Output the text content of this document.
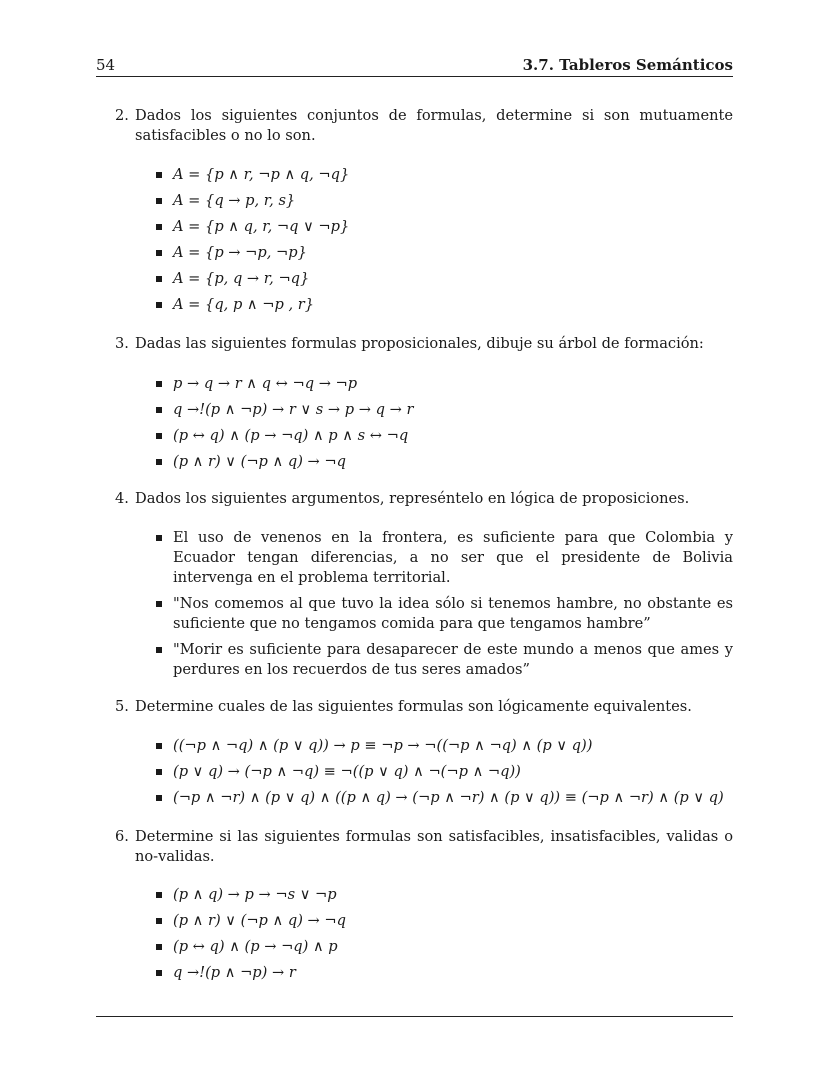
54	3.7. Tableros Semánticos
2. Dados los siguientes conjuntos de formulas, determine si son mutuamente satisfacibles o no lo son.
A = {p ∧ r, ¬p ∧ q, ¬q}
A = {q → p, r, s}
A = {p ∧ q, r, ¬q ∨ ¬p}
A = {p → ¬p, ¬p}
A = {p, q → r, ¬q}
A = {q, p ∧ ¬p , r}
3. Dadas las siguientes formulas proposicionales, dibuje su árbol de formación:
p → q → r ∧ q ↔ ¬q → ¬p
q →!(p ∧ ¬p) → r ∨ s → p → q → r
(p ↔ q) ∧ (p → ¬q) ∧ p ∧ s ↔ ¬q
(p ∧ r) ∨ (¬p ∧ q) → ¬q
4. Dados los siguientes argumentos, represéntelo en lógica de proposiciones.
El uso de venenos en la frontera, es suficiente para que Colombia y Ecuador tengan diferencias, a no ser que el presidente de Bolivia intervenga en el problema territorial.
"Nos comemos al que tuvo la idea sólo si tenemos hambre, no obstante es suficiente que no tengamos comida para que tengamos hambre”
"Morir es suficiente para desaparecer de este mundo a menos que ames y perdures en los recuerdos de tus seres amados”
5. Determine cuales de las siguientes formulas son lógicamente equivalentes.
((¬p ∧ ¬q) ∧ (p ∨ q)) → p ≡ ¬p → ¬((¬p ∧ ¬q) ∧ (p ∨ q))
(p ∨ q) → (¬p ∧ ¬q) ≡ ¬((p ∨ q) ∧ ¬(¬p ∧ ¬q))
(¬p ∧ ¬r) ∧ (p ∨ q) ∧ ((p ∧ q) → (¬p ∧ ¬r) ∧ (p ∨ q)) ≡ (¬p ∧ ¬r) ∧ (p ∨ q)
6. Determine si las siguientes formulas son satisfacibles, insatisfacibles, validas o no-validas.
(p ∧ q) → p → ¬s ∨ ¬p
(p ∧ r) ∨ (¬p ∧ q) → ¬q
(p ↔ q) ∧ (p → ¬q) ∧ p
q →!(p ∧ ¬p) → r
